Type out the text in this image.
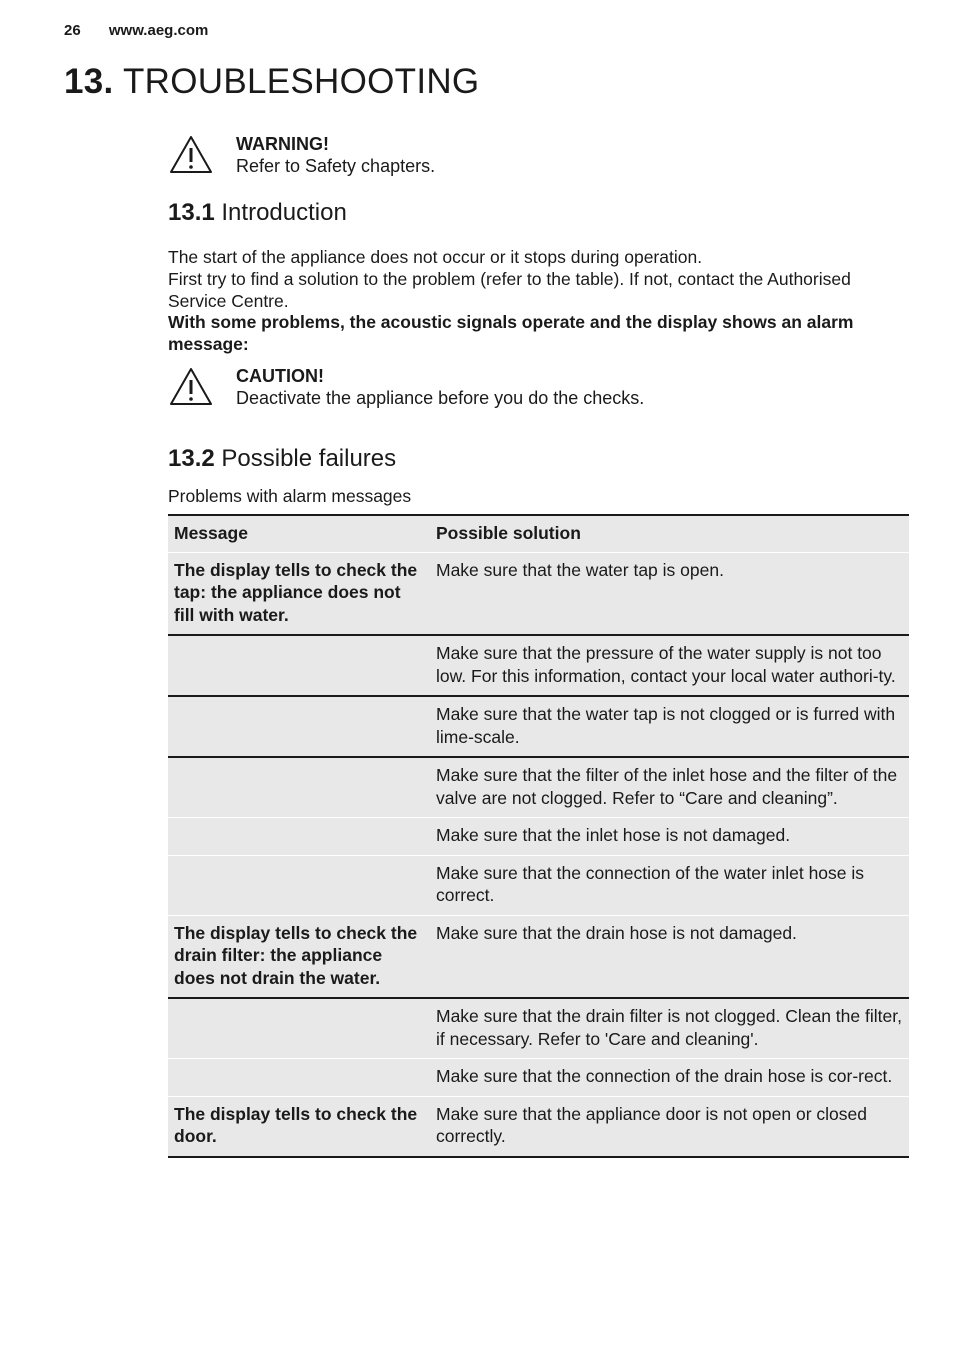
26 www.aeg.com
13. TROUBLESHOOTING
WARNING!
Refer to Safety chapters.
13.1 Introduction

The start of the appliance does not occur or it stops during operation.

First try to find a solution to the problem (refer to the table). If not, contact the Authorised Service Centre.

With some problems, the acoustic signals operate and the display shows an alarm message:

CAUTION!
Deactivate the appliance before you do the checks.
13.2 Possible failures
Problems with alarm messages
Message	Possible solution
The display tells to check the tap: the appliance does not fill with water.	Make sure that the water tap is open.
	Make sure that the pressure of the water supply is not too low. For this information, contact your local water authori-ty.
	Make sure that the water tap is not clogged or is furred with lime-scale.
	Make sure that the filter of the inlet hose and the filter of the valve are not clogged. Refer to “Care and cleaning”.
	Make sure that the inlet hose is not damaged.
	Make sure that the connection of the water inlet hose is correct.
The display tells to check the drain filter: the appliance does not drain the water.	Make sure that the drain hose is not damaged.
	Make sure that the drain filter is not clogged. Clean the filter, if necessary. Refer to 'Care and cleaning'.
	Make sure that the connection of the drain hose is cor-rect.
The display tells to check the door.	Make sure that the appliance door is not open or closed correctly.
